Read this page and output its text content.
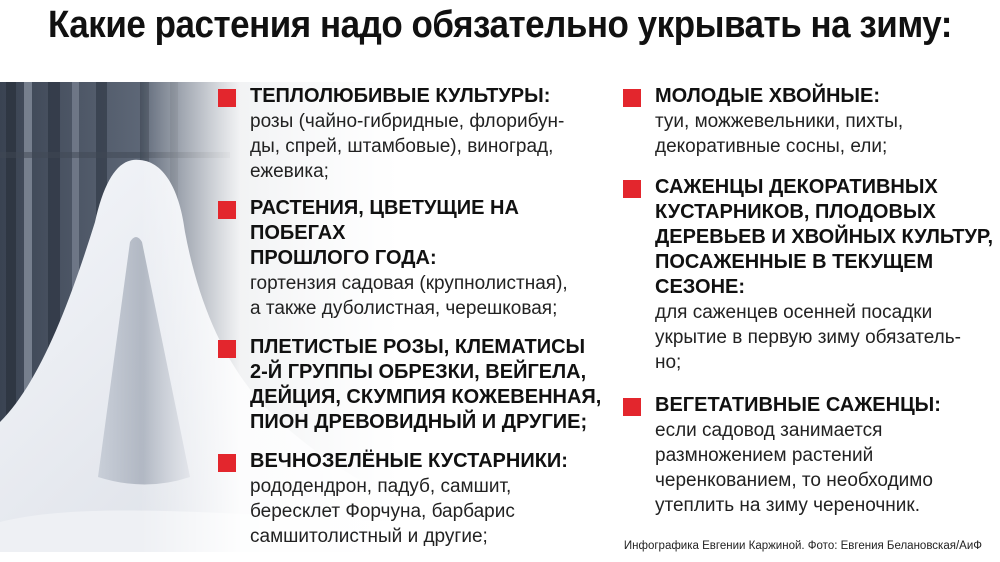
Какие растения надо обязательно укрывать на зиму:
ТЕПЛОЛЮБИВЫЕ КУЛЬТУРЫ:
розы (чайно-гибридные, флорибун-
ды, спрей, штамбовые), виноград,
ежевика;
РАСТЕНИЯ, ЦВЕТУЩИЕ НА ПОБЕГАХ
ПРОШЛОГО ГОДА:
гортензия садовая (крупнолистная),
а также дуболистная, черешковая;
ПЛЕТИСТЫЕ РОЗЫ, КЛЕМАТИСЫ
2-Й ГРУППЫ ОБРЕЗКИ, ВЕЙГЕЛА,
ДЕЙЦИЯ, СКУМПИЯ КОЖЕВЕННАЯ,
ПИОН ДРЕВОВИДНЫЙ И ДРУГИЕ;
ВЕЧНОЗЕЛЁНЫЕ КУСТАРНИКИ:
рододендрон, падуб, самшит,
бересклет Форчуна, барбарис
самшитолистный и другие;
МОЛОДЫЕ ХВОЙНЫЕ:
туи, можжевельники, пихты,
декоративные сосны, ели;
САЖЕНЦЫ ДЕКОРАТИВНЫХ
КУСТАРНИКОВ, ПЛОДОВЫХ
ДЕРЕВЬЕВ И ХВОЙНЫХ КУЛЬТУР,
ПОСАЖЕННЫЕ В ТЕКУЩЕМ
СЕЗОНЕ:
для саженцев осенней посадки
укрытие в первую зиму обязатель-
но;
ВЕГЕТАТИВНЫЕ САЖЕНЦЫ:
если садовод занимается
размножением растений
черенкованием, то необходимо
утеплить на зиму череночник.
Инфографика Евгении Каржиной. Фото: Евгения Белановская/АиФ
